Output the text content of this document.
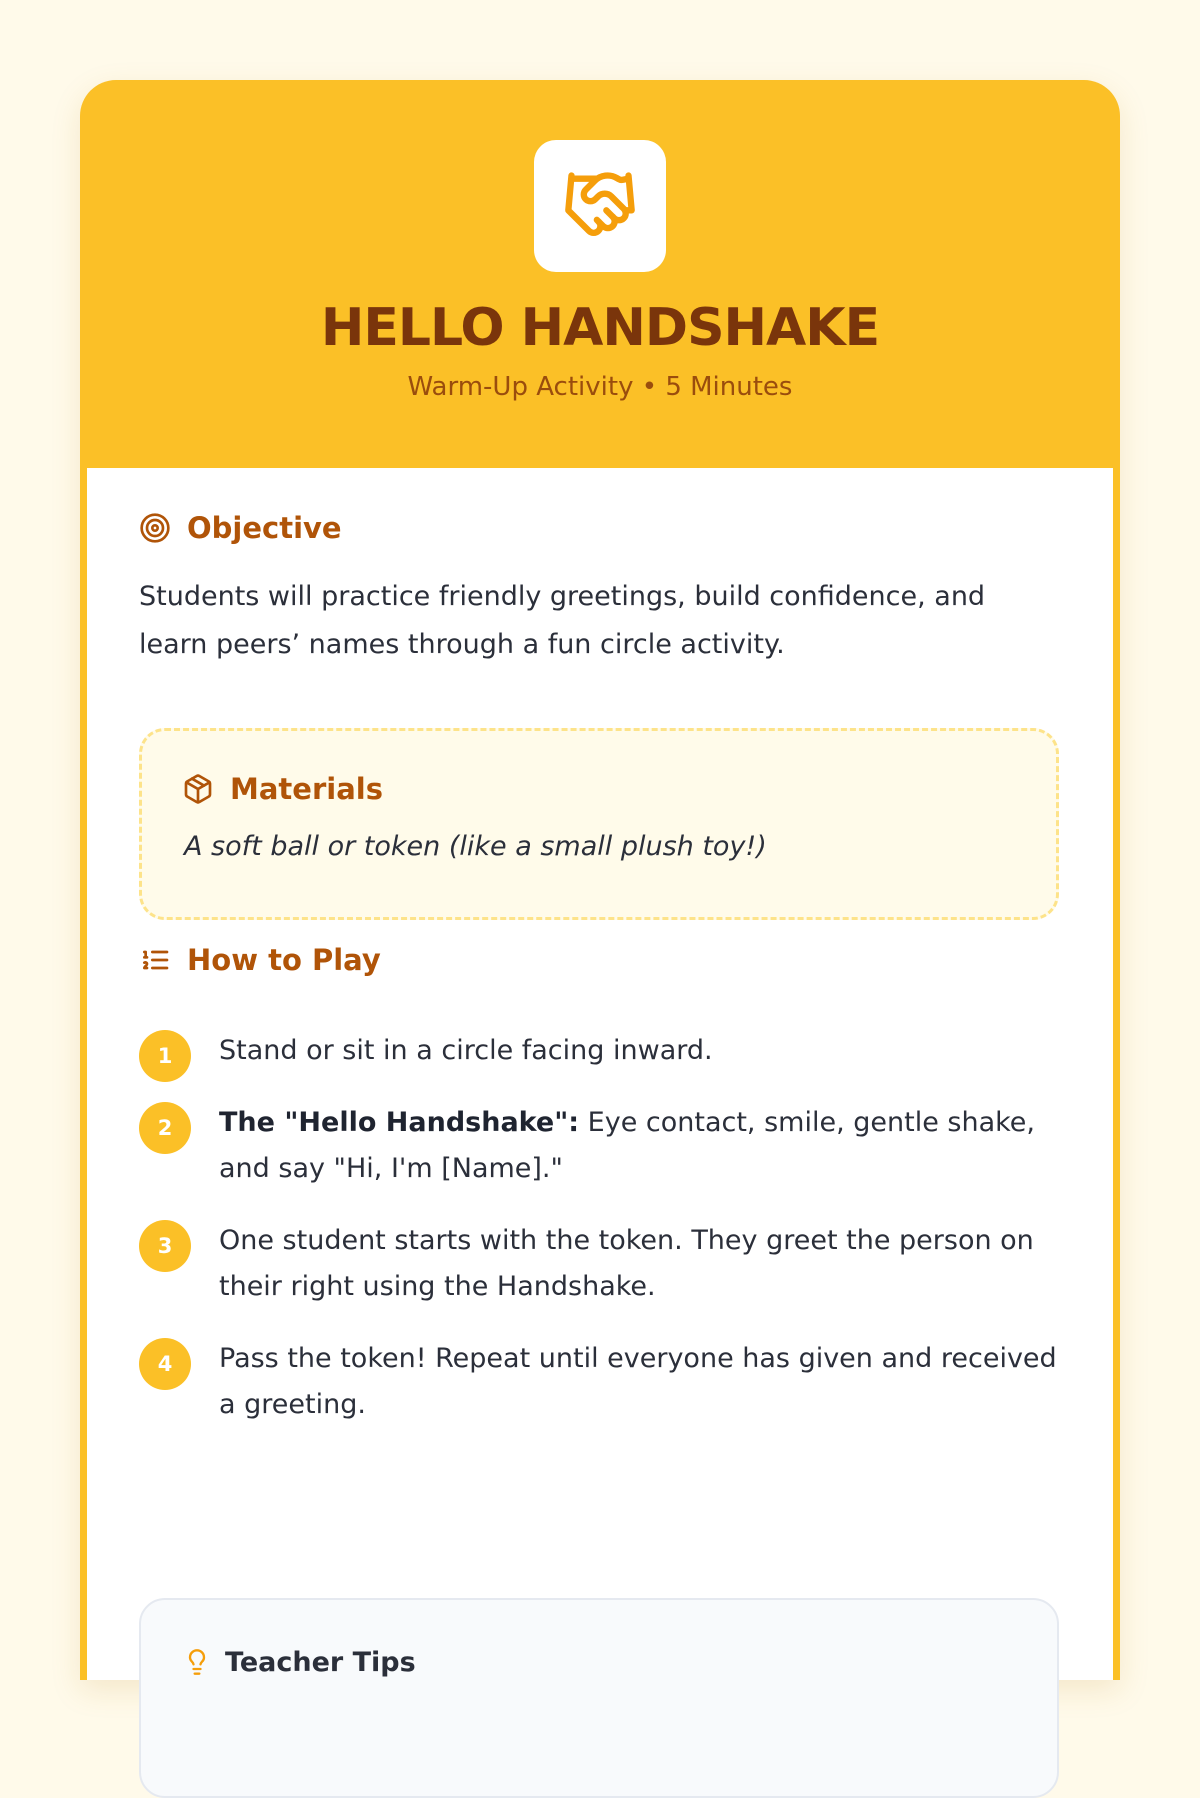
HELLO HANDSHAKE
Warm-Up Activity • 5 Minutes
Objective
Students will practice friendly greetings, build confidence, and learn peers’ names through a fun circle activity.
Materials
A soft ball or token (like a small plush toy!)
How to Play
1	Stand or sit in a circle facing inward.
2	The "Hello Handshake": Eye contact, smile, gentle shake, and say "Hi, I'm [Name]."
3	One student starts with the token. They greet the person on their right using the Handshake.
4	Pass the token! Repeat until everyone has given and received a greeting.
Teacher Tips
